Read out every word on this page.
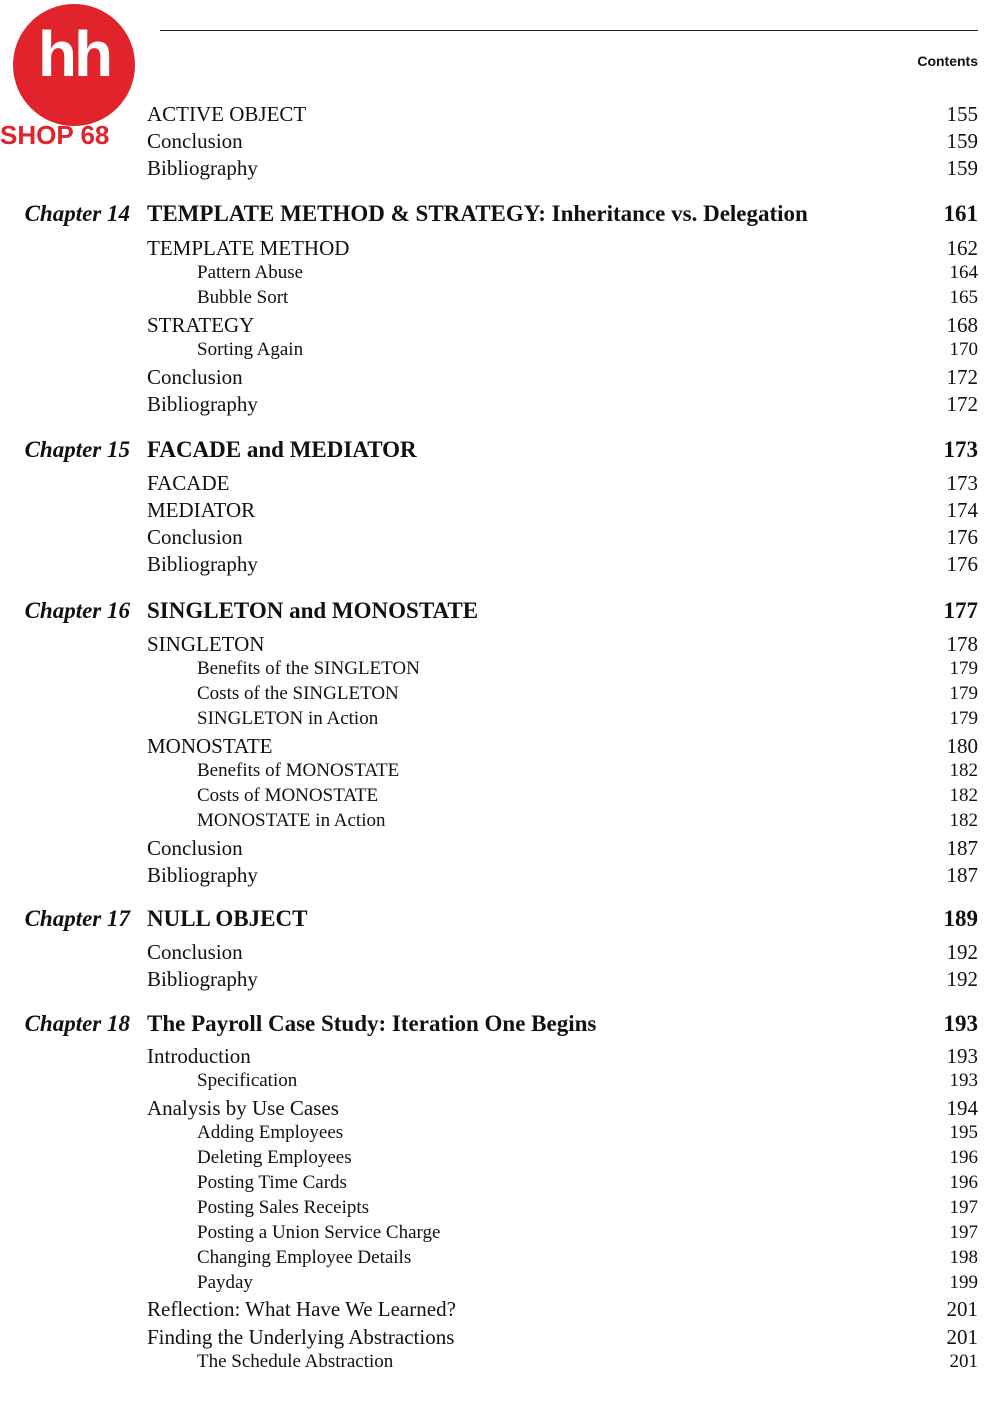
Contents
ACTIVE OBJECT	155
Conclusion	159
Bibliography	159
Chapter 14 TEMPLATE METHOD & STRATEGY: Inheritance vs. Delegation	161
TEMPLATE METHOD	162
Pattern Abuse	164
Bubble Sort	165
STRATEGY	168
Sorting Again	170
Conclusion	172
Bibliography	172
Chapter 15 FACADE and MEDIATOR	173
FACADE	173
MEDIATOR	174
Conclusion	176
Bibliography	176
Chapter 16 SINGLETON and MONOSTATE	177
SINGLETON	178
Benefits of the SINGLETON	179
Costs of the SINGLETON	179
SINGLETON in Action	179
MONOSTATE	180
Benefits of MONOSTATE	182
Costs of MONOSTATE	182
MONOSTATE in Action	182
Conclusion	187
Bibliography	187
Chapter 17 NULL OBJECT	189
Conclusion	192
Bibliography	192
Chapter 18 The Payroll Case Study: Iteration One Begins	193
Introduction	193
Specification	193
Analysis by Use Cases	194
Adding Employees	195
Deleting Employees	196
Posting Time Cards	196
Posting Sales Receipts	197
Posting a Union Service Charge	197
Changing Employee Details	198
Payday	199
Reflection: What Have We Learned?	201
Finding the Underlying Abstractions	201
The Schedule Abstraction	201
hh
SHOP 68
